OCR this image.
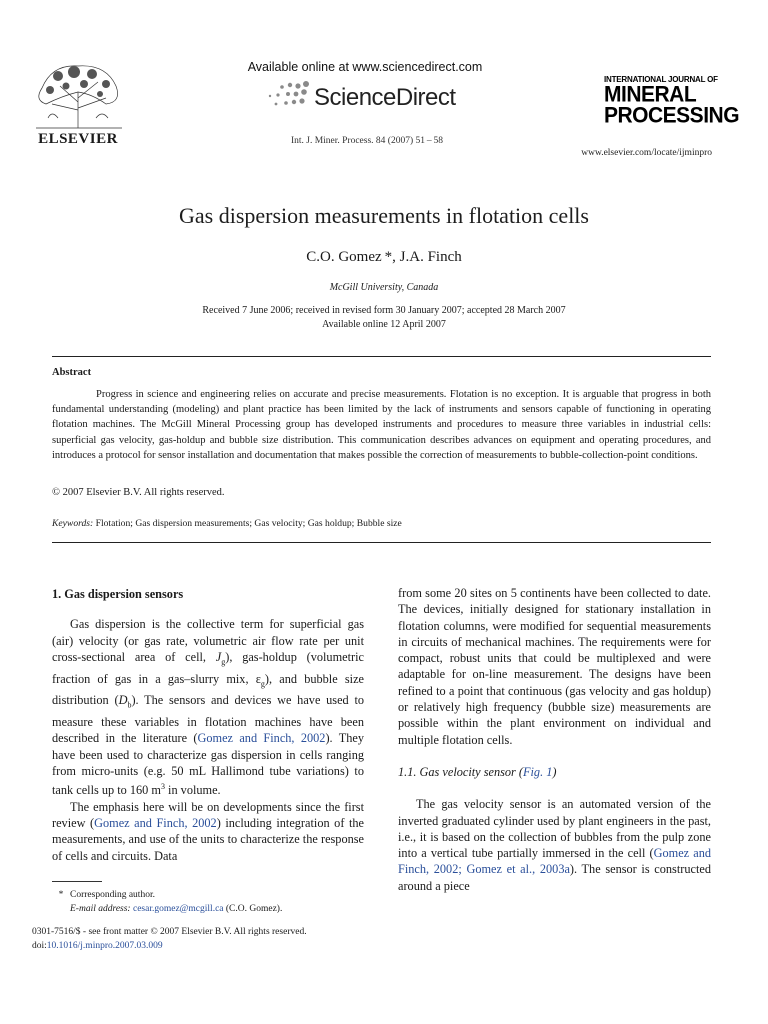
ELSEVIER
Available online at www.sciencedirect.com
ScienceDirect
Int. J. Miner. Process. 84 (2007) 51 – 58
INTERNATIONAL JOURNAL OF
MINERAL
PROCESSING
www.elsevier.com/locate/ijminpro
Gas dispersion measurements in flotation cells
C.O. Gomez *, J.A. Finch
McGill University, Canada
Received 7 June 2006; received in revised form 30 January 2007; accepted 28 March 2007
Available online 12 April 2007
Abstract
Progress in science and engineering relies on accurate and precise measurements. Flotation is no exception. It is arguable that progress in both fundamental understanding (modeling) and plant practice has been limited by the lack of instruments and sensors capable of functioning in operating flotation machines. The McGill Mineral Processing group has developed instruments and procedures to measure three variables in industrial cells: superficial gas velocity, gas-holdup and bubble size distribution. This communication describes advances on equipment and operating procedures, and introduces a protocol for sensor installation and documentation that makes possible the correction of measurements to bubble-collection-point conditions.
© 2007 Elsevier B.V. All rights reserved.
Keywords: Flotation; Gas dispersion measurements; Gas velocity; Gas holdup; Bubble size
1. Gas dispersion sensors

Gas dispersion is the collective term for superficial gas (air) velocity (or gas rate, volumetric air flow rate per unit cross-sectional area of cell, $J_g$), gas-holdup (volumetric fraction of gas in a gas–slurry mix, $\varepsilon_g$), and bubble size distribution $(D_b)$. The sensors and devices we have used to measure these variables in flotation machines have been described in the literature (Gomez and Finch, 2002). They have been used to characterize gas dispersion in cells ranging from micro-units (e.g. 50 mL Hallimond tube variations) to tank cells up to 160 $m^3$ in volume.

The emphasis here will be on developments since the first review (Gomez and Finch, 2002) including integration of the measurements, and use of the units to characterize the response of cells and circuits. Data

* Corresponding author.
E-mail address: cesar.gomez@mcgill.ca (C.O. Gomez).
0301-7516/$ - see front matter © 2007 Elsevier B.V. All rights reserved.
doi:10.1016/j.minpro.2007.03.009

from some 20 sites on 5 continents have been collected to date. The devices, initially designed for stationary installation in flotation columns, were modified for sequential measurements in circuits of mechanical machines. The requirements were for compact, robust units that could be multiplexed and were adaptable for on-line measurement. The designs have been refined to a point that continuous (gas velocity and gas holdup) or relatively high frequency (bubble size) measurements are possible within the plant environment on individual and multiple flotation cells.

1.1. Gas velocity sensor (Fig. 1)

The gas velocity sensor is an automated version of the inverted graduated cylinder used by plant engineers in the past, i.e., it is based on the collection of bubbles from the pulp zone into a vertical tube partially immersed in the cell (Gomez and Finch, 2002; Gomez et al., 2003a). The sensor is constructed around a piece
